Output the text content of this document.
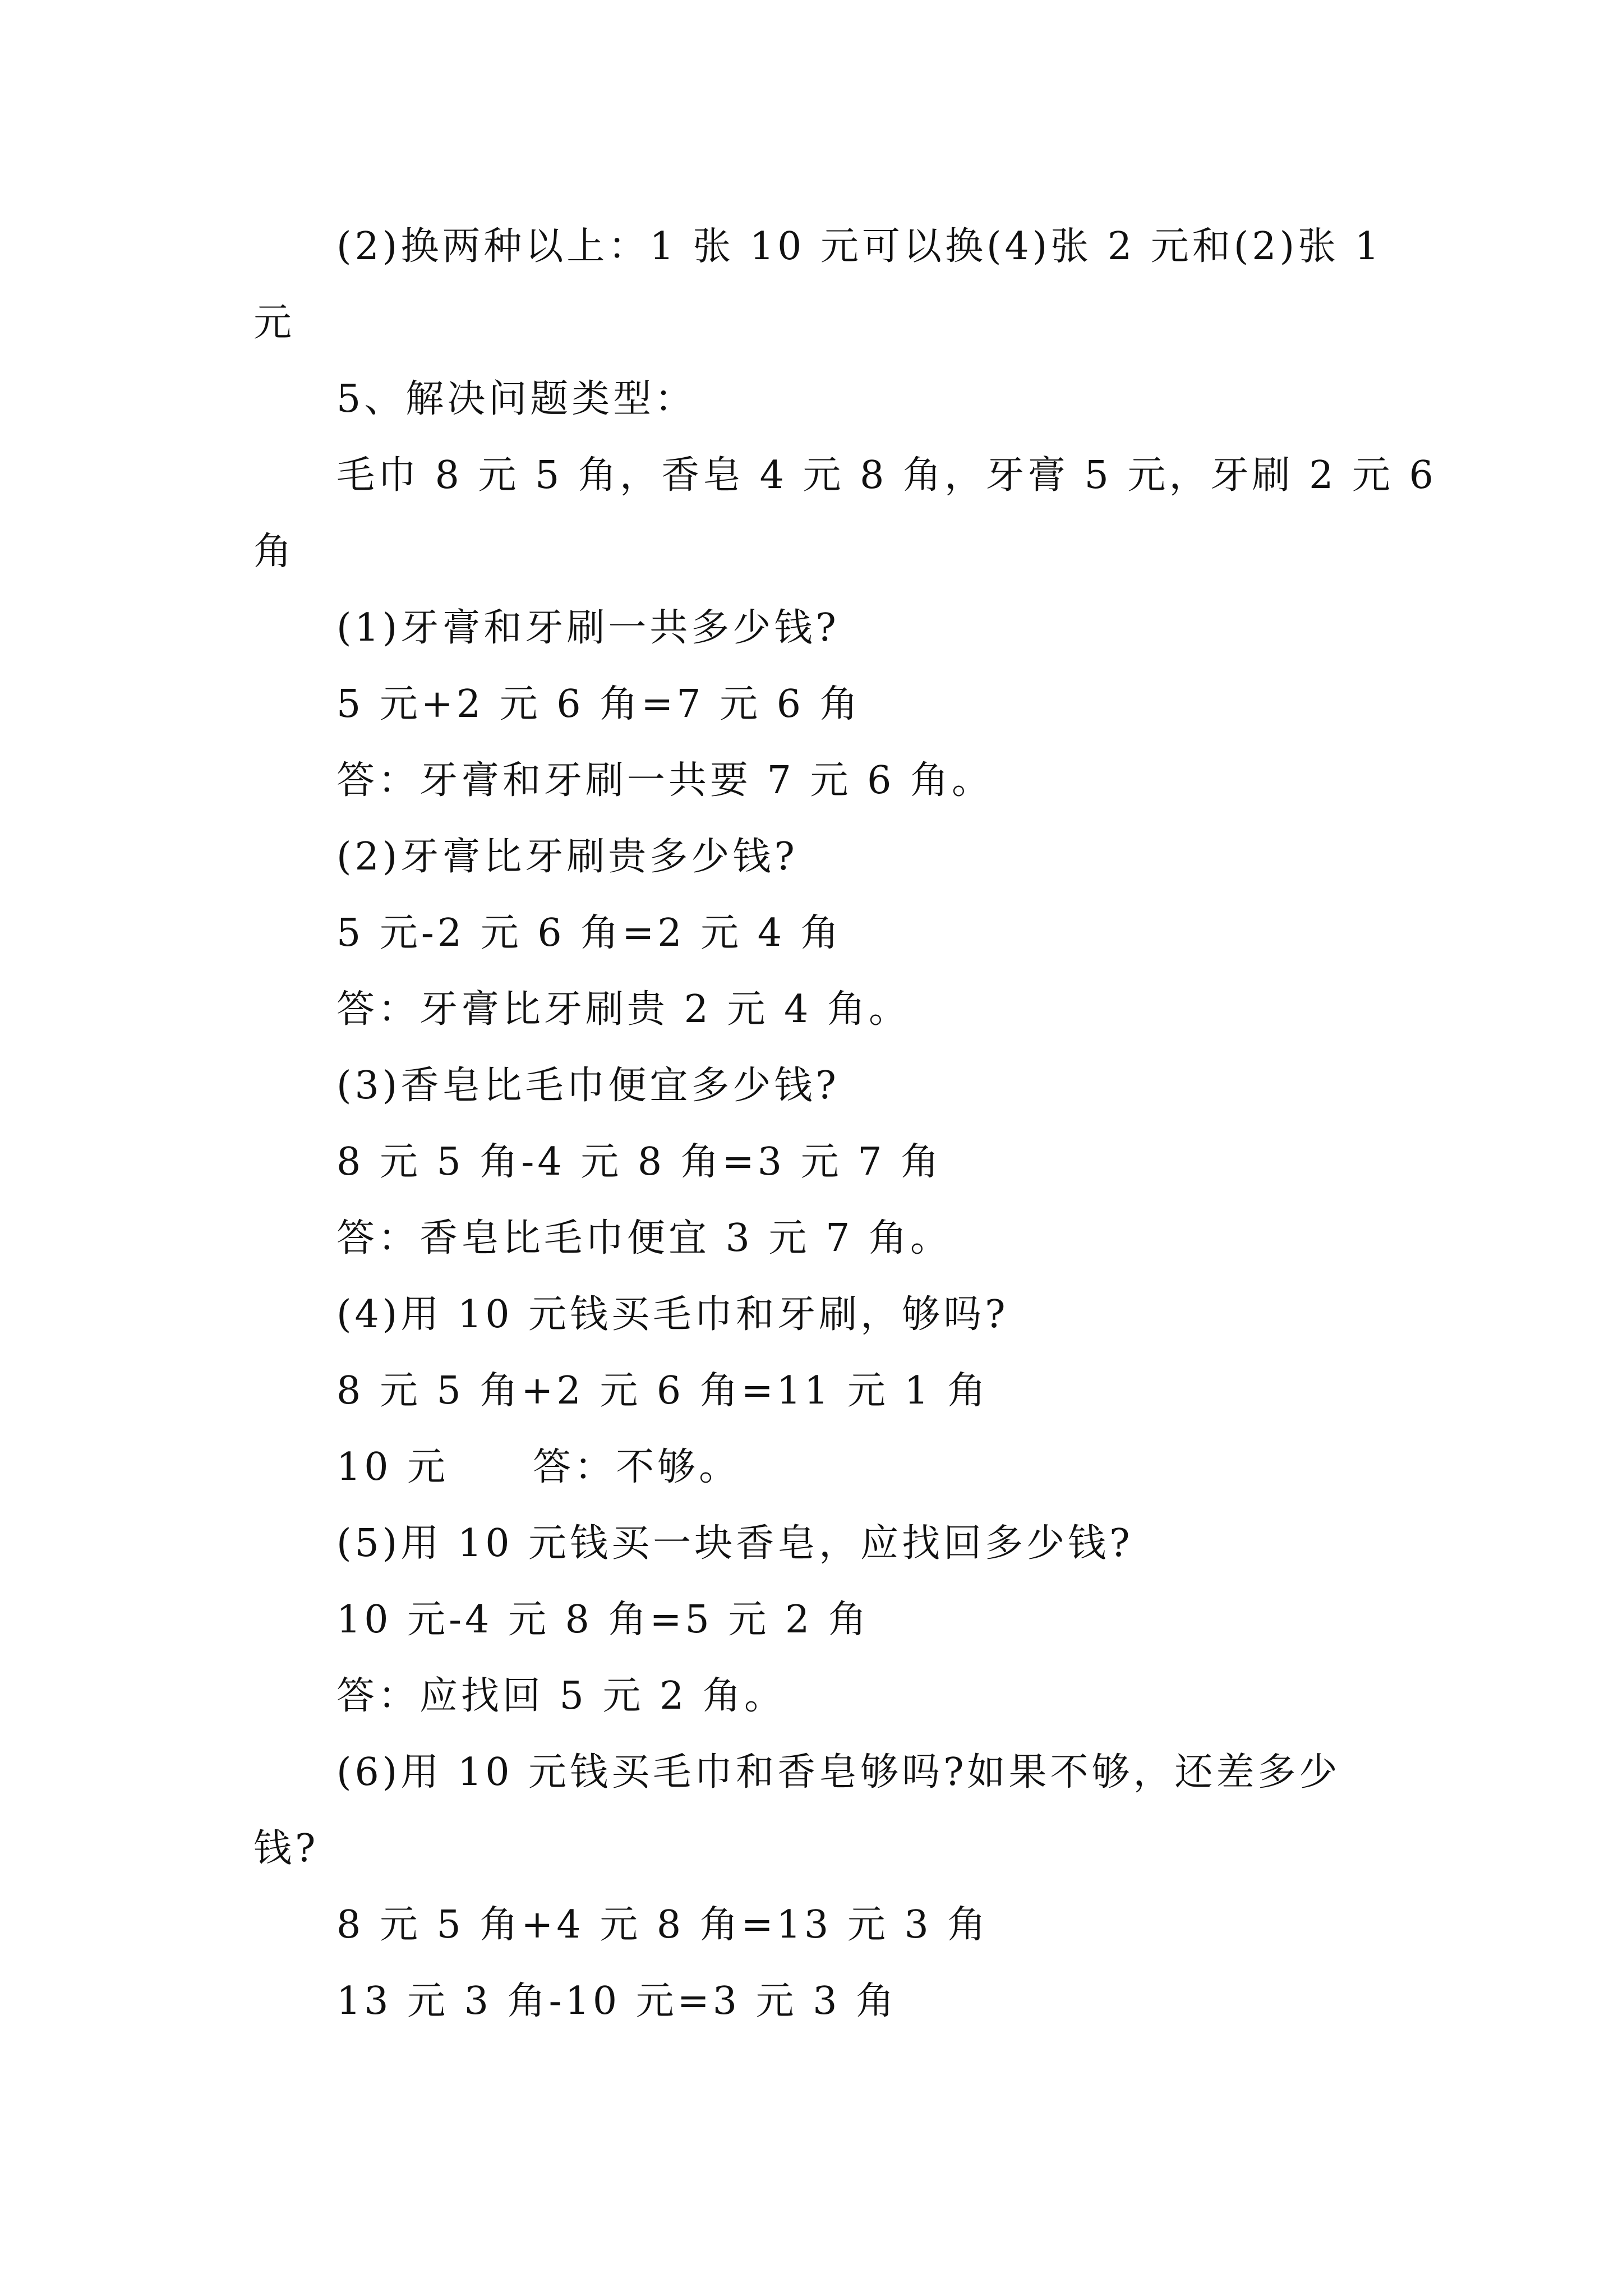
(2)换两种以上：1 张 10 元可以换(4)张 2 元和(2)张 1
元
5、解决问题类型：
毛巾 8 元 5 角，香皂 4 元 8 角，牙膏 5 元，牙刷 2 元 6
角
(1)牙膏和牙刷一共多少钱?
5 元+2 元 6 角=7 元 6 角
答：牙膏和牙刷一共要 7 元 6 角。
(2)牙膏比牙刷贵多少钱?
5 元-2 元 6 角=2 元 4 角
答：牙膏比牙刷贵 2 元 4 角。
(3)香皂比毛巾便宜多少钱?
8 元 5 角-4 元 8 角=3 元 7 角
答：香皂比毛巾便宜 3 元 7 角。
(4)用 10 元钱买毛巾和牙刷，够吗?
8 元 5 角+2 元 6 角=11 元 1 角
10 元 答：不够。
(5)用 10 元钱买一块香皂，应找回多少钱?
10 元-4 元 8 角=5 元 2 角
答：应找回 5 元 2 角。
(6)用 10 元钱买毛巾和香皂够吗?如果不够，还差多少
钱?
8 元 5 角+4 元 8 角=13 元 3 角
13 元 3 角-10 元=3 元 3 角
